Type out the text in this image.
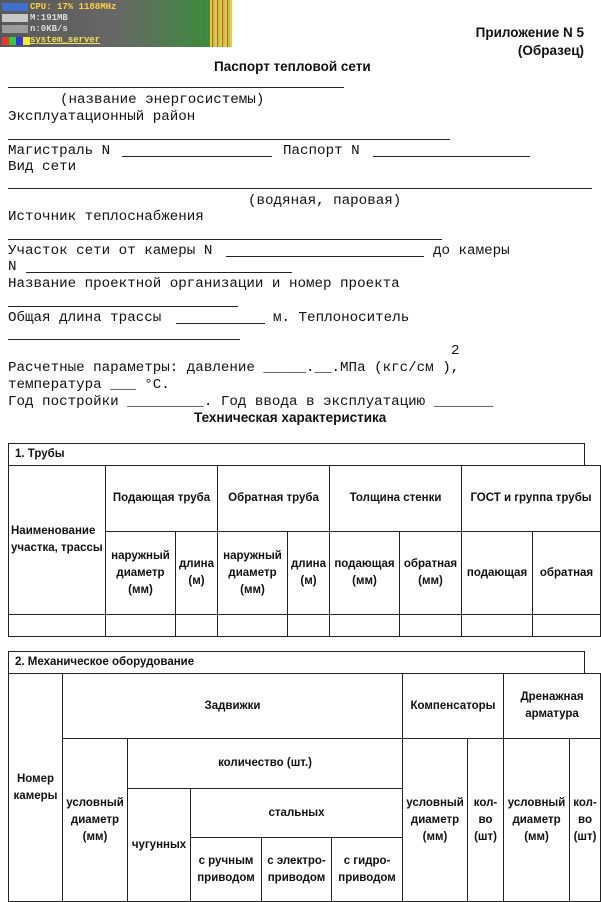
CPU: 17% 1188MHz
M:191MB
n:0KB/s
system_server	Приложение N 5
(Образец)
Паспорт тепловой сети
(название энергосистемы)
Эксплуатационный район
Магистраль N	Паспорт N
Вид сети
(водяная, паровая)
Источник теплоснабжения
Участок сети от камеры N	до камеры
N
Название проектной организации и номер проекта
Общая длина трассы	м. Теплоноситель
2
Расчетные параметры: давление _____.__.МПа (кгс/см ),
температура ___ °С.
Год постройки _________. Год ввода в эксплуатацию _______
Техническая характеристика
1. Трубы
Наименование участка, трассы	Подающая труба		Обратная труба		Толщина стенки		ГОСТ и группа трубы	
	наружный диаметр (мм)	длина (м)	наружный диаметр (мм)	длина (м)	подающая (мм)	обратная (мм)	подающая	обратная

2. Механическое оборудование
Номер камеры	Задвижки					Компенсаторы		Дренажная арматура	
	условный диаметр (мм)	количество (шт.)				условный диаметр (мм)	кол-во (шт)	условный диаметр (мм)	кол-во (шт)
		чугунных	стальных						
			с ручным приводом	с электро-приводом	с гидро-приводом				
